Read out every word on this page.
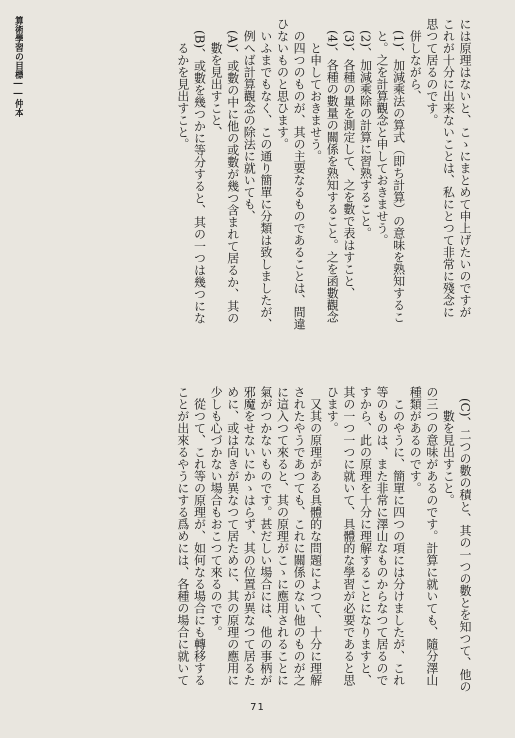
算術學習の目標――仲本	には原理はないと、こゝにまとめて申上げたいのですが

これが十分に出来ないことは、私にとつて非常に殘念に

思つて居るのです。

　併しながら、

　(1)、加減乘法の算式（即ち計算）の意味を熟知するこ

　と。之を計算觀念と申しておきませう。

　(2)、加減乘除の計算に習熟すること。

　(3)、各種の量を測定して、之を數で表はすこと、

　(4)、各種の數量の關係を熟知すること。之を函數觀念

　　と申しておきませう。

　の四つのものが、其の主要なるものであることは、間違

ひないものと思ひます。

　いふまでもなく、この通り簡單に分類は致しましたが、

　例へば計算觀念の除法に就いても、

　(A)、或數の中に他の或數が幾つ含まれて居るか、其の

　　數を見出すこと、

　(B)、或數を幾つかに等分すると、其の一つは幾つにな

　　るかを見出すこと。

　(C)、二つの數の積と、其の一つの數とを知つて、他の

　　數を見出すこと。

の三つの意味があるのです。計算に就いても、隨分澤山

種類があるのです。

　このやうに、簡單に四つの項には分けましたが、これ

等のものは、また非常に澤山なものからなつて居るので

すから、此の原理を十分に理解することになりますと、

其の一つ一つに就いて、具體的な學習が必要であると思

ひます。

　又其の原理がある具體的な問題によつて、十分に理解

されたやうであつても、これに關係のない他のものが之

に這入つて來ると、其の原理がこゝに應用されることに

氣がつかないものです。甚だしい場合には、他の事柄が

邪魔をせないにかゝはらず、其の位置が異なつて居るた

めに、或は向きが異なつて居ために、其の原理の應用に

少しも心づかない場合もおこつて來るのです。

　從つて、これ等の原理が、如何なる場合にも轉移する

ことが出來るやうにする爲めには、各種の場合に就いて

71
